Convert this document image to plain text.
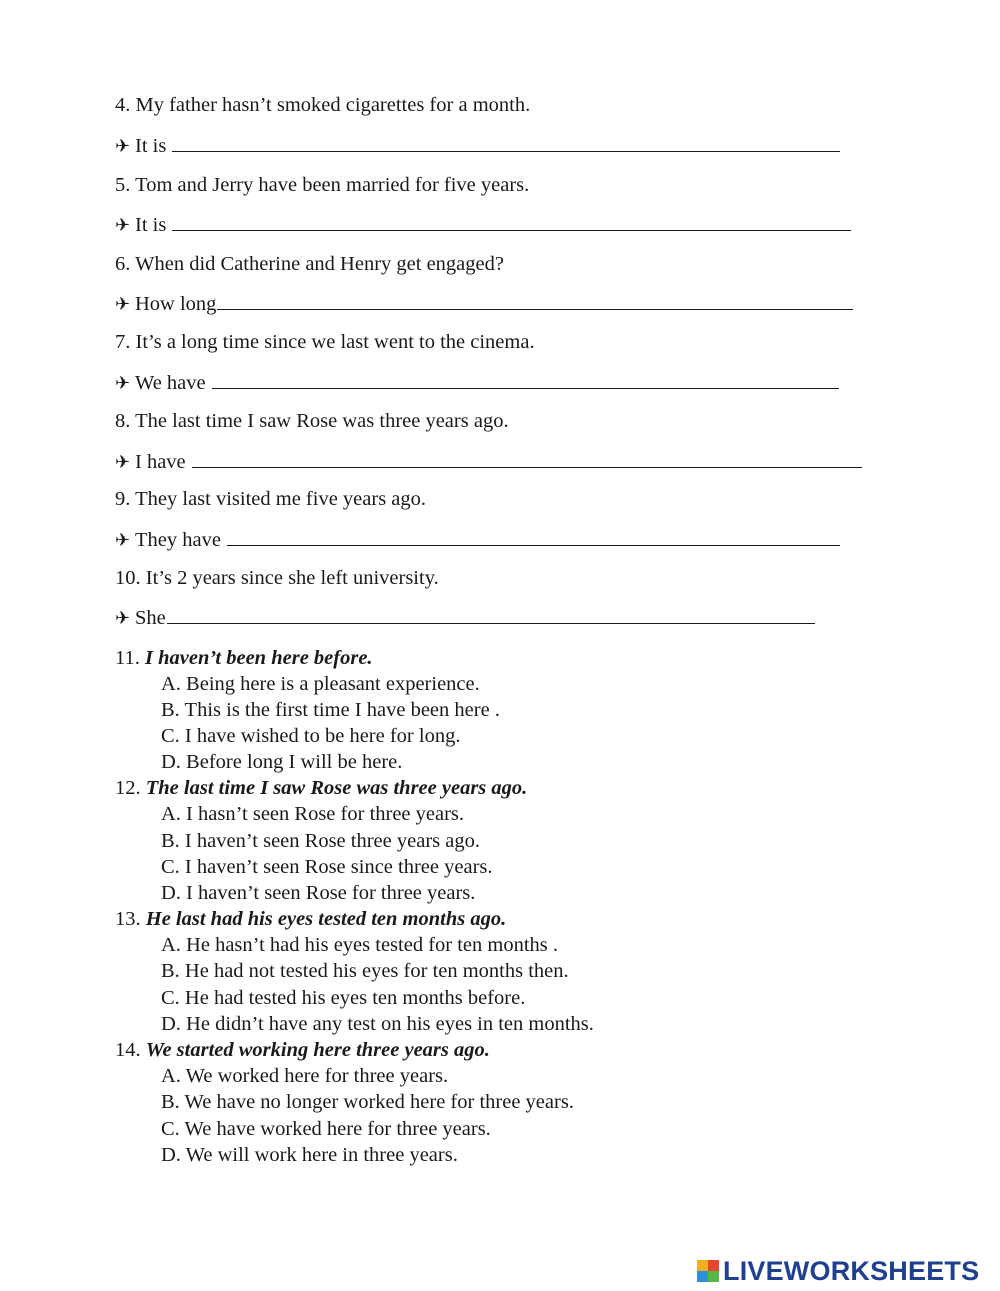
4. My father hasn’t smoked cigarettes for a month.
✈ It is
5. Tom and Jerry have been married for five years.
✈ It is
6. When did Catherine and Henry get engaged?
✈ How long
7. It’s a long time since we last went to the cinema.
✈ We have
8. The last time I saw Rose was three years ago.
✈ I have
9. They last visited me five years ago.
✈ They have
10. It’s 2 years since she left university.
✈ She
11. I haven’t been here before.
A. Being here is a pleasant experience.
B. This is the first time I have been here .
C. I have wished to be here for long.
D. Before long I will be here.
12. The last time I saw Rose was three years ago.
A. I hasn’t seen Rose for three years.
B. I haven’t seen Rose three years ago.
C. I haven’t seen Rose since three years.
D. I haven’t seen Rose for three years.
13. He last had his eyes tested ten months ago.
A. He hasn’t had his eyes tested for ten months .
B. He had not tested his eyes for ten months then.
C. He had tested his eyes ten months before.
D. He didn’t have any test on his eyes in ten months.
14. We started working here three years ago.
A. We worked here for three years.
B. We have no longer worked here for three years.
C. We have worked here for three years.
D. We will work here in three years.
LIVEWORKSHEETS
